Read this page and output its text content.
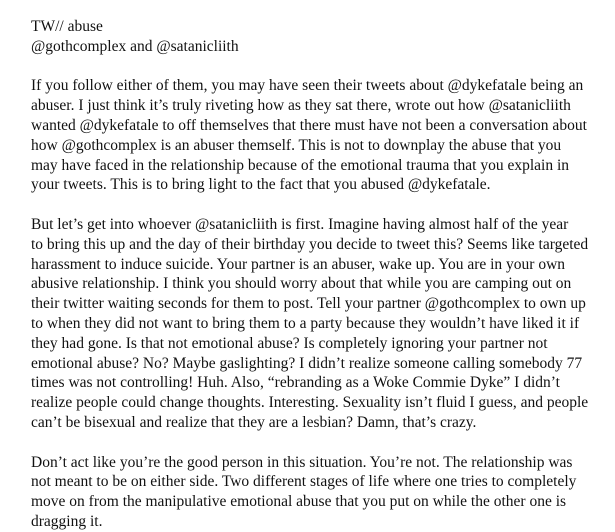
TW// abuse

@gothcomplex and @satanicliith

If you follow either of them, you may have seen their tweets about @dykefatale being an
abuser. I just think it’s truly riveting how as they sat there, wrote out how @satanicliith
wanted @dykefatale to off themselves that there must have not been a conversation about
how @gothcomplex is an abuser themself. This is not to downplay the abuse that you
may have faced in the relationship because of the emotional trauma that you explain in
your tweets. This is to bring light to the fact that you abused @dykefatale.

But let’s get into whoever @satanicliith is first. Imagine having almost half of the year
to bring this up and the day of their birthday you decide to tweet this? Seems like targeted
harassment to induce suicide. Your partner is an abuser, wake up. You are in your own
abusive relationship. I think you should worry about that while you are camping out on
their twitter waiting seconds for them to post. Tell your partner @gothcomplex to own up
to when they did not want to bring them to a party because they wouldn’t have liked it if
they had gone. Is that not emotional abuse? Is completely ignoring your partner not
emotional abuse? No? Maybe gaslighting? I didn’t realize someone calling somebody 77
times was not controlling! Huh. Also, “rebranding as a Woke Commie Dyke” I didn’t
realize people could change thoughts. Interesting. Sexuality isn’t fluid I guess, and people
can’t be bisexual and realize that they are a lesbian? Damn, that’s crazy.

Don’t act like you’re the good person in this situation. You’re not. The relationship was
not meant to be on either side. Two different stages of life where one tries to completely
move on from the manipulative emotional abuse that you put on while the other one is
dragging it.
